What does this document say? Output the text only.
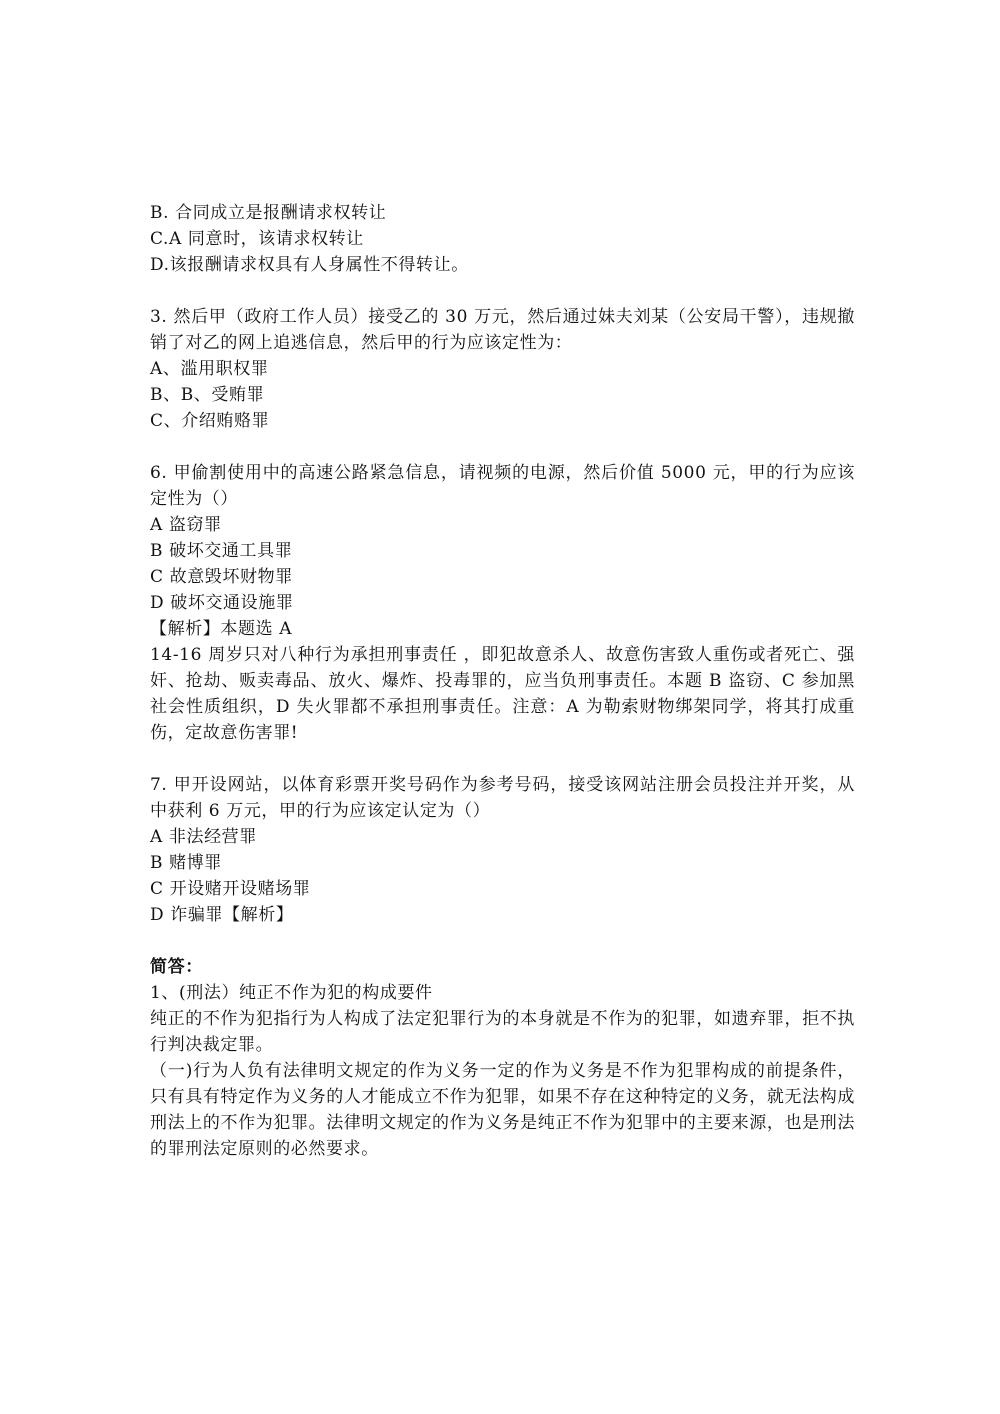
B. 合同成立是报酬请求权转让

C.A 同意时，该请求权转让

D.该报酬请求权具有人身属性不得转让。

3. 然后甲（政府工作人员）接受乙的 30 万元，然后通过妹夫刘某（公安局干警），违规撤销了对乙的网上追逃信息，然后甲的行为应该定性为：

A、滥用职权罪

B、B、受贿罪

C、介绍贿赂罪

6. 甲偷割使用中的高速公路紧急信息，请视频的电源，然后价值 5000 元，甲的行为应该定性为（）

A 盗窃罪

B 破坏交通工具罪

C 故意毁坏财物罪

D 破坏交通设施罪

【解析】本题选 A

14-16 周岁只对八种行为承担刑事责任 ，即犯故意杀人、故意伤害致人重伤或者死亡、强奸、抢劫、贩卖毒品、放火、爆炸、投毒罪的，应当负刑事责任。本题 B 盗窃、C 参加黑社会性质组织，D 失火罪都不承担刑事责任。注意：A 为勒索财物绑架同学，将其打成重伤，定故意伤害罪!

7. 甲开设网站，以体育彩票开奖号码作为参考号码，接受该网站注册会员投注并开奖，从中获利 6 万元，甲的行为应该定认定为（）

A 非法经营罪

B 赌博罪

C 开设赌开设赌场罪

D 诈骗罪【解析】

简答：

1、(刑法）纯正不作为犯的构成要件

纯正的不作为犯指行为人构成了法定犯罪行为的本身就是不作为的犯罪，如遗弃罪，拒不执行判决裁定罪。

（一)行为人负有法律明文规定的作为义务一定的作为义务是不作为犯罪构成的前提条件，只有具有特定作为义务的人才能成立不作为犯罪，如果不存在这种特定的义务，就无法构成刑法上的不作为犯罪。法律明文规定的作为义务是纯正不作为犯罪中的主要来源，也是刑法的罪刑法定原则的必然要求。
